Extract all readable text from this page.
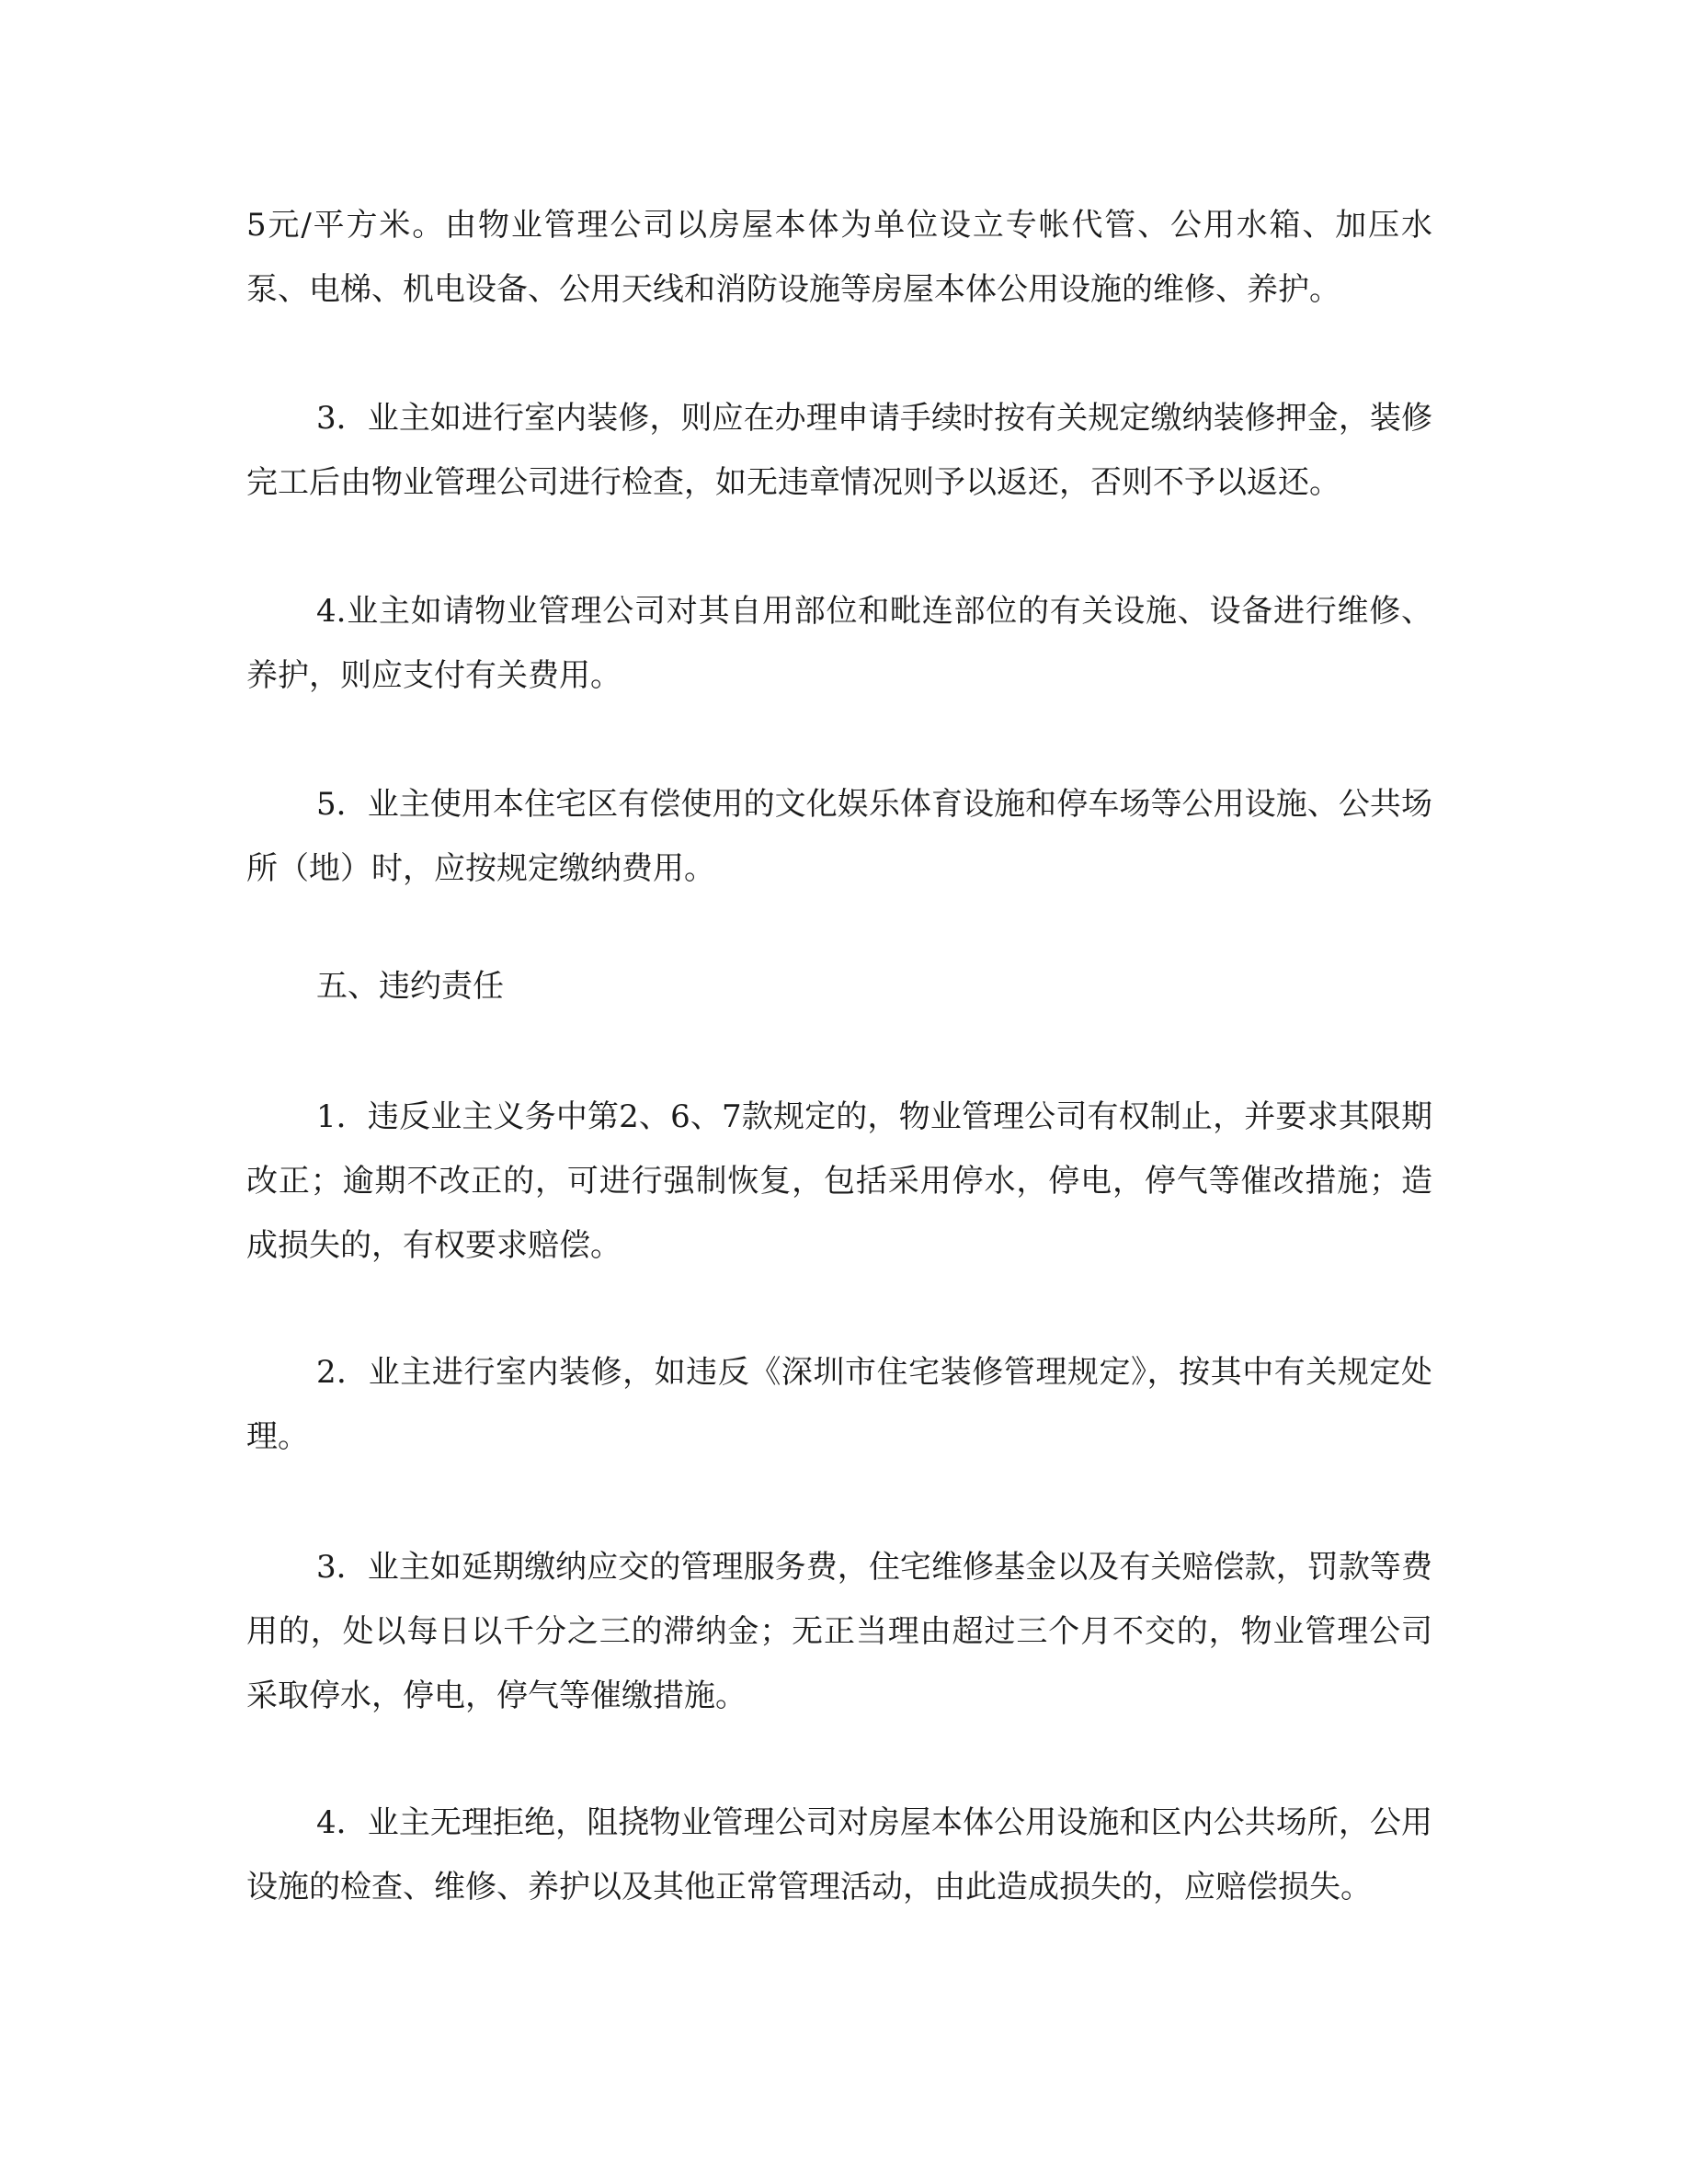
5元/平方米。由物业管理公司以房屋本体为单位设立专帐代管、公用水箱、加压水泵、电梯、机电设备、公用天线和消防设施等房屋本体公用设施的维修、养护。

3．业主如进行室内装修，则应在办理申请手续时按有关规定缴纳装修押金，装修完工后由物业管理公司进行检查，如无违章情况则予以返还，否则不予以返还。

4.业主如请物业管理公司对其自用部位和毗连部位的有关设施、设备进行维修、养护，则应支付有关费用。

5．业主使用本住宅区有偿使用的文化娱乐体育设施和停车场等公用设施、公共场所（地）时，应按规定缴纳费用。

五、违约责任

1．违反业主义务中第2、6、7款规定的，物业管理公司有权制止，并要求其限期改正；逾期不改正的，可进行强制恢复，包括采用停水，停电，停气等催改措施；造成损失的，有权要求赔偿。

2．业主进行室内装修，如违反《深圳市住宅装修管理规定》，按其中有关规定处理。

3．业主如延期缴纳应交的管理服务费，住宅维修基金以及有关赔偿款，罚款等费用的，处以每日以千分之三的滞纳金；无正当理由超过三个月不交的，物业管理公司采取停水，停电，停气等催缴措施。

4．业主无理拒绝，阻挠物业管理公司对房屋本体公用设施和区内公共场所，公用设施的检查、维修、养护以及其他正常管理活动，由此造成损失的，应赔偿损失。
